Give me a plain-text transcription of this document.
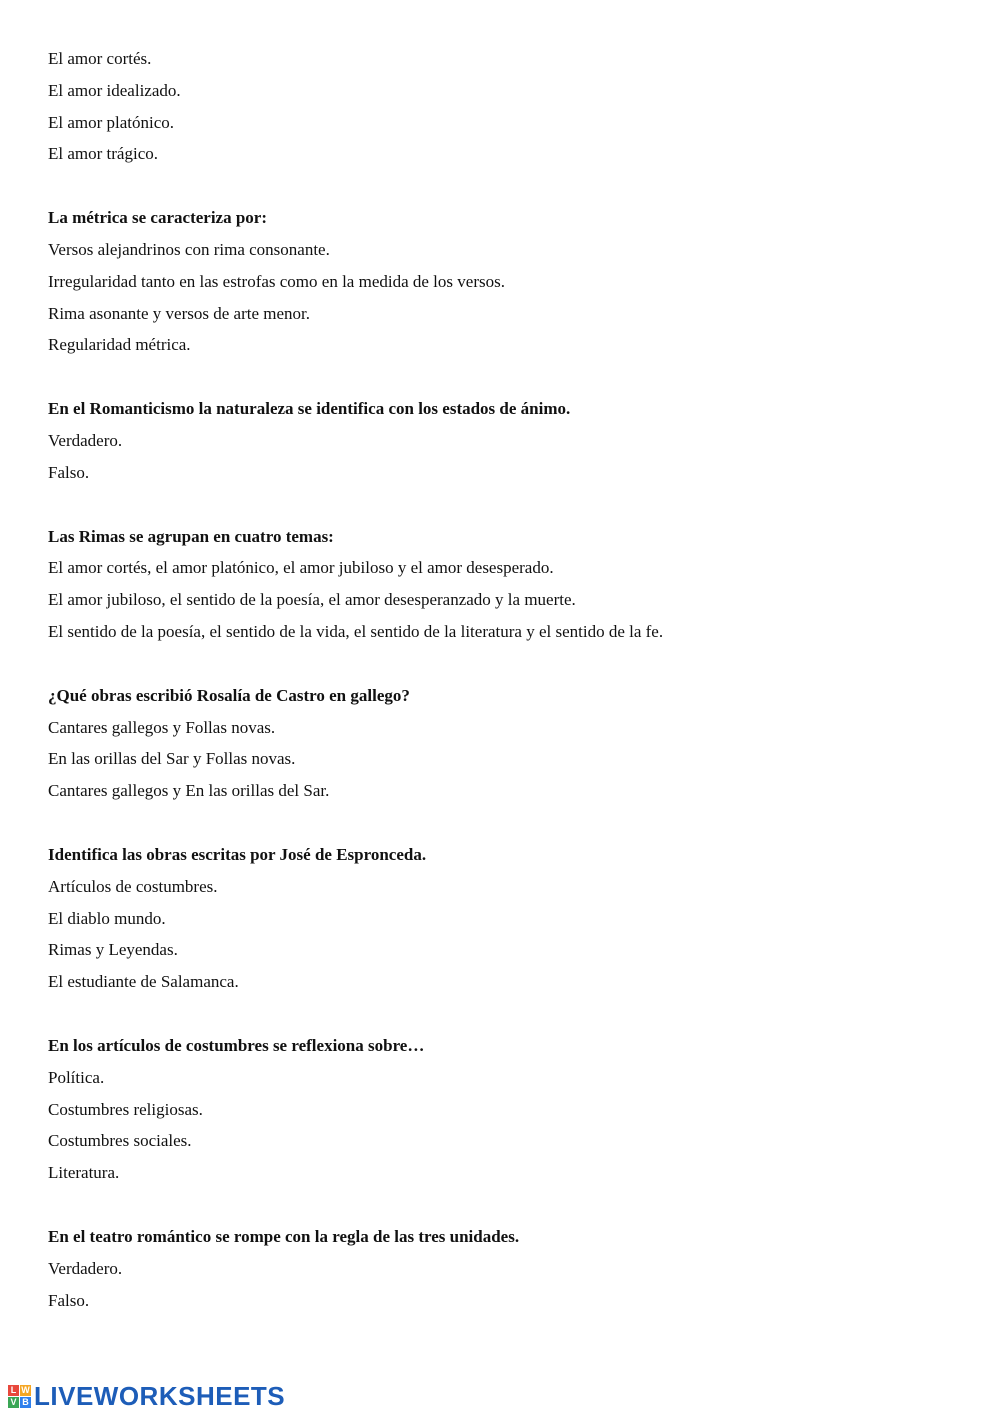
El amor cortés.
El amor idealizado.
El amor platónico.
El amor trágico.
La métrica se caracteriza por:
Versos alejandrinos con rima consonante.
Irregularidad tanto en las estrofas como en la medida de los versos.
Rima asonante y versos de arte menor.
Regularidad métrica.
En el Romanticismo la naturaleza se identifica con los estados de ánimo.
Verdadero.
Falso.
Las Rimas se agrupan en cuatro temas:
El amor cortés, el amor platónico, el amor jubiloso y el amor desesperado.
El amor jubiloso, el sentido de la poesía, el amor desesperanzado y la muerte.
El sentido de la poesía, el sentido de la vida, el sentido de la literatura y el sentido de la fe.
¿Qué obras escribió Rosalía de Castro en gallego?
Cantares gallegos y Follas novas.
En las orillas del Sar y Follas novas.
Cantares gallegos y En las orillas del Sar.
Identifica las obras escritas por José de Espronceda.
Artículos de costumbres.
El diablo mundo.
Rimas y Leyendas.
El estudiante de Salamanca.
En los artículos de costumbres se reflexiona sobre…
Política.
Costumbres religiosas.
Costumbres sociales.
Literatura.
En el teatro romántico se rompe con la regla de las tres unidades.
Verdadero.
Falso.
L W
V B LIVEWORKSHEETS
